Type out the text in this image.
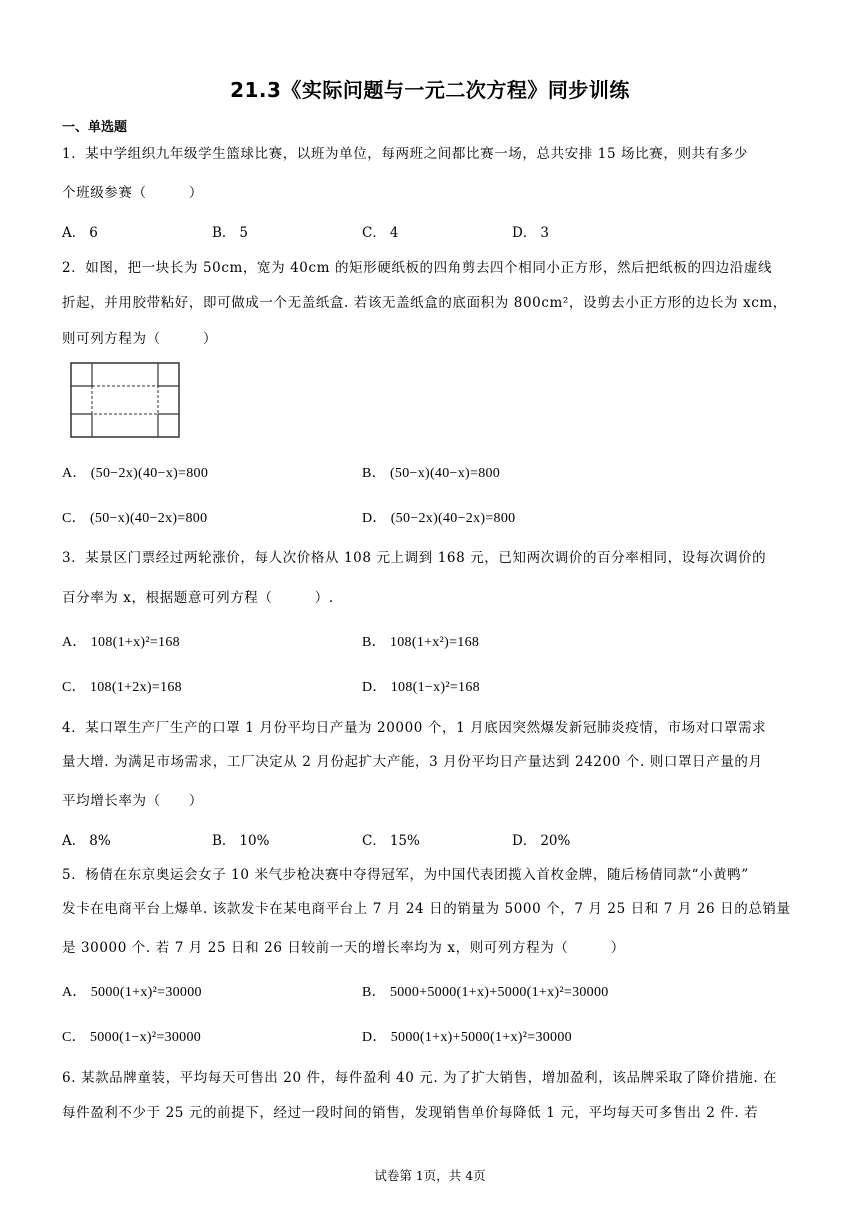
21.3《实际问题与一元二次方程》同步训练
一、单选题
1．某中学组织九年级学生篮球比赛，以班为单位，每两班之间都比赛一场，总共安排 15 场比赛，则共有多少
个班级参赛（　　　）
A． 6	B． 5	C． 4	D． 3
2．如图，把一块长为 50cm，宽为 40cm 的矩形硬纸板的四角剪去四个相同小正方形，然后把纸板的四边沿虚线
折起，并用胶带粘好，即可做成一个无盖纸盒. 若该无盖纸盒的底面积为 800cm²，设剪去小正方形的边长为 xcm，
则可列方程为（　　　）
A． (50−2x)(40−x)=800	B． (50−x)(40−x)=800
C． (50−x)(40−2x)=800	D． (50−2x)(40−2x)=800
3．某景区门票经过两轮涨价，每人次价格从 108 元上调到 168 元，已知两次调价的百分率相同，设每次调价的
百分率为 x，根据题意可列方程（　　　）.
A． 108(1+x)²=168	B． 108(1+x²)=168
C． 108(1+2x)=168	D． 108(1−x)²=168
4．某口罩生产厂生产的口罩 1 月份平均日产量为 20000 个，1 月底因突然爆发新冠肺炎疫情，市场对口罩需求
量大增. 为满足市场需求，工厂决定从 2 月份起扩大产能，3 月份平均日产量达到 24200 个. 则口罩日产量的月
平均增长率为（　　）
A． 8%	B． 10%	C． 15%	D． 20%
5．杨倩在东京奥运会女子 10 米气步枪决赛中夺得冠军，为中国代表团揽入首枚金牌，随后杨倩同款“小黄鸭”
发卡在电商平台上爆单. 该款发卡在某电商平台上 7 月 24 日的销量为 5000 个，7 月 25 日和 7 月 26 日的总销量
是 30000 个. 若 7 月 25 日和 26 日较前一天的增长率均为 x，则可列方程为（　　　）
A． 5000(1+x)²=30000	B． 5000+5000(1+x)+5000(1+x)²=30000
C． 5000(1−x)²=30000	D． 5000(1+x)+5000(1+x)²=30000
6. 某款品牌童装，平均每天可售出 20 件，每件盈利 40 元. 为了扩大销售，增加盈利，该品牌采取了降价措施. 在
每件盈利不少于 25 元的前提下，经过一段时间的销售，发现销售单价每降低 1 元，平均每天可多售出 2 件. 若
试卷第 1页，共 4页
